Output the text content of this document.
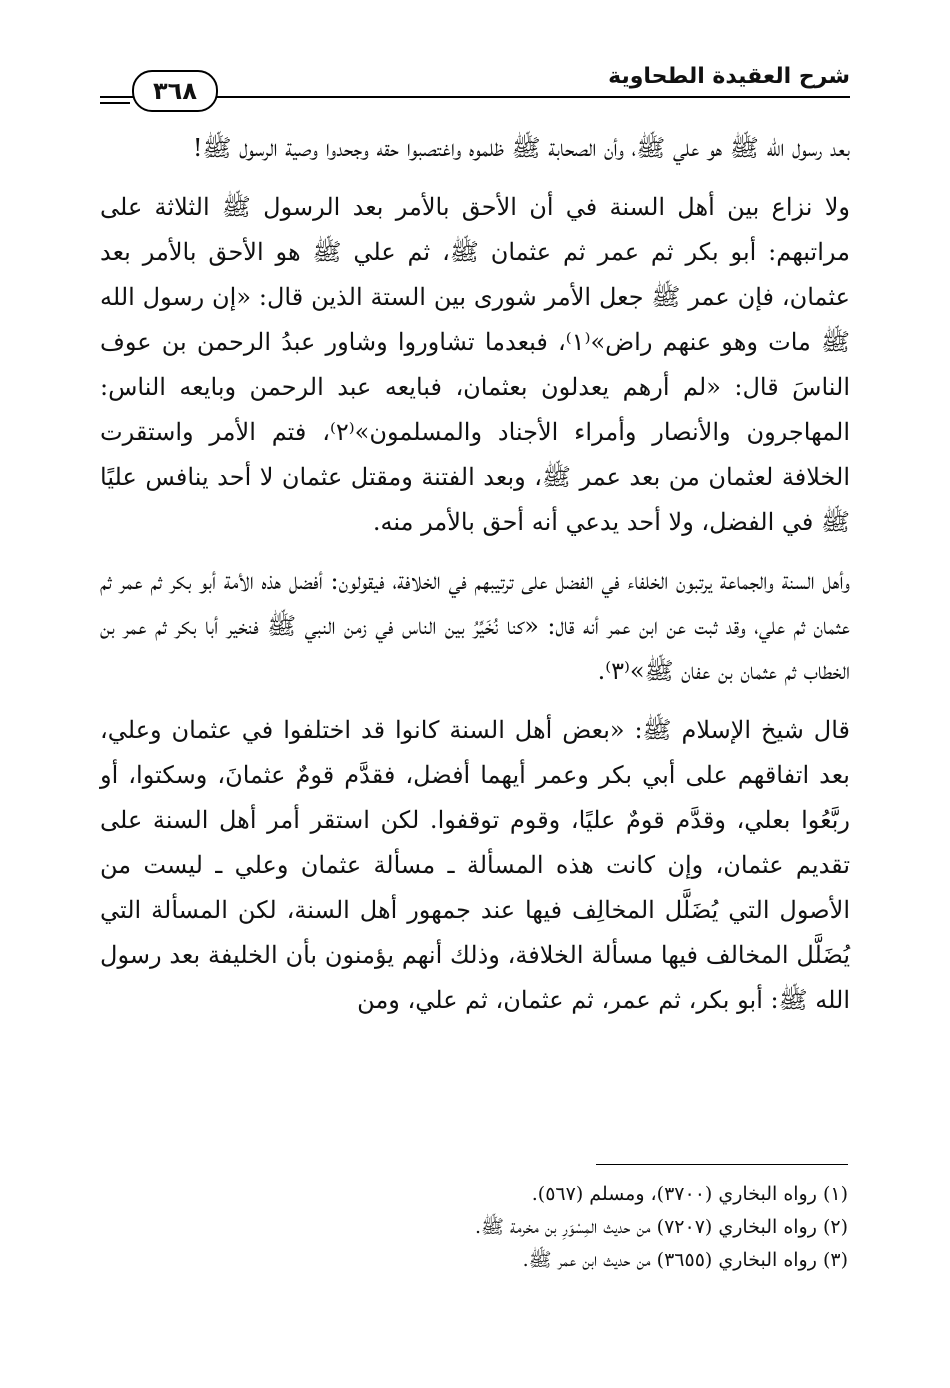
شرح العقيدة الطحاوية
٣٦٨

بعد رسول الله ﷺ هو علي ﷺ، وأن الصحابة ﷺ ظلموه واغتصبوا حقه وجحدوا وصية الرسول ﷺ!

ولا نزاع بين أهل السنة في أن الأحق بالأمر بعد الرسول ﷺ الثلاثة على مراتبهم: أبو بكر ثم عمر ثم عثمان ﷺ، ثم علي ﷺ هو الأحق بالأمر بعد عثمان، فإن عمر ﷺ جعل الأمر شورى بين الستة الذين قال: «إن رسول الله ﷺ مات وهو عنهم راض»⁽١⁾، فبعدما تشاوروا وشاور عبدُ الرحمن بن عوف الناسَ قال: «لم أرهم يعدلون بعثمان، فبايعه عبد الرحمن وبايعه الناس: المهاجرون والأنصار وأمراء الأجناد والمسلمون»⁽٢⁾، فتم الأمر واستقرت الخلافة لعثمان من بعد عمر ﷺ، وبعد الفتنة ومقتل عثمان لا أحد ينافس عليًا ﷺ في الفضل، ولا أحد يدعي أنه أحق بالأمر منه.

وأهل السنة والجماعة يرتبون الخلفاء في الفضل على ترتيبهم في الخلافة، فيقولون: أفضل هذه الأمة أبو بكر ثم عمر ثم عثمان ثم علي، وقد ثبت عن ابن عمر أنه قال: «كنا نُخَيِّرُ بين الناس في زمن النبي ﷺ فنخير أبا بكر ثم عمر بن الخطاب ثم عثمان بن عفان ﷺ»⁽٣⁾.

قال شيخ الإسلام ﷺ: «بعض أهل السنة كانوا قد اختلفوا في عثمان وعلي، بعد اتفاقهم على أبي بكر وعمر أيهما أفضل، فقدَّم قومٌ عثمانَ، وسكتوا، أو ربَّعُوا بعلي، وقدَّم قومٌ عليًا، وقوم توقفوا. لكن استقر أمر أهل السنة على تقديم عثمان، وإن كانت هذه المسألة ـ مسألة عثمان وعلي ـ ليست من الأصول التي يُضَلَّل المخالِف فيها عند جمهور أهل السنة، لكن المسألة التي يُضَلَّل المخالف فيها مسألة الخلافة، وذلك أنهم يؤمنون بأن الخليفة بعد رسول الله ﷺ: أبو بكر، ثم عمر، ثم عثمان، ثم علي، ومن

(١) رواه البخاري (٣٧٠٠)، ومسلم (٥٦٧).

(٢) رواه البخاري (٧٢٠٧) من حديث المِسْوَرِ بن مخرمة ﷺ.

(٣) رواه البخاري (٣٦٥٥) من حديث ابن عمر ﷺ.
